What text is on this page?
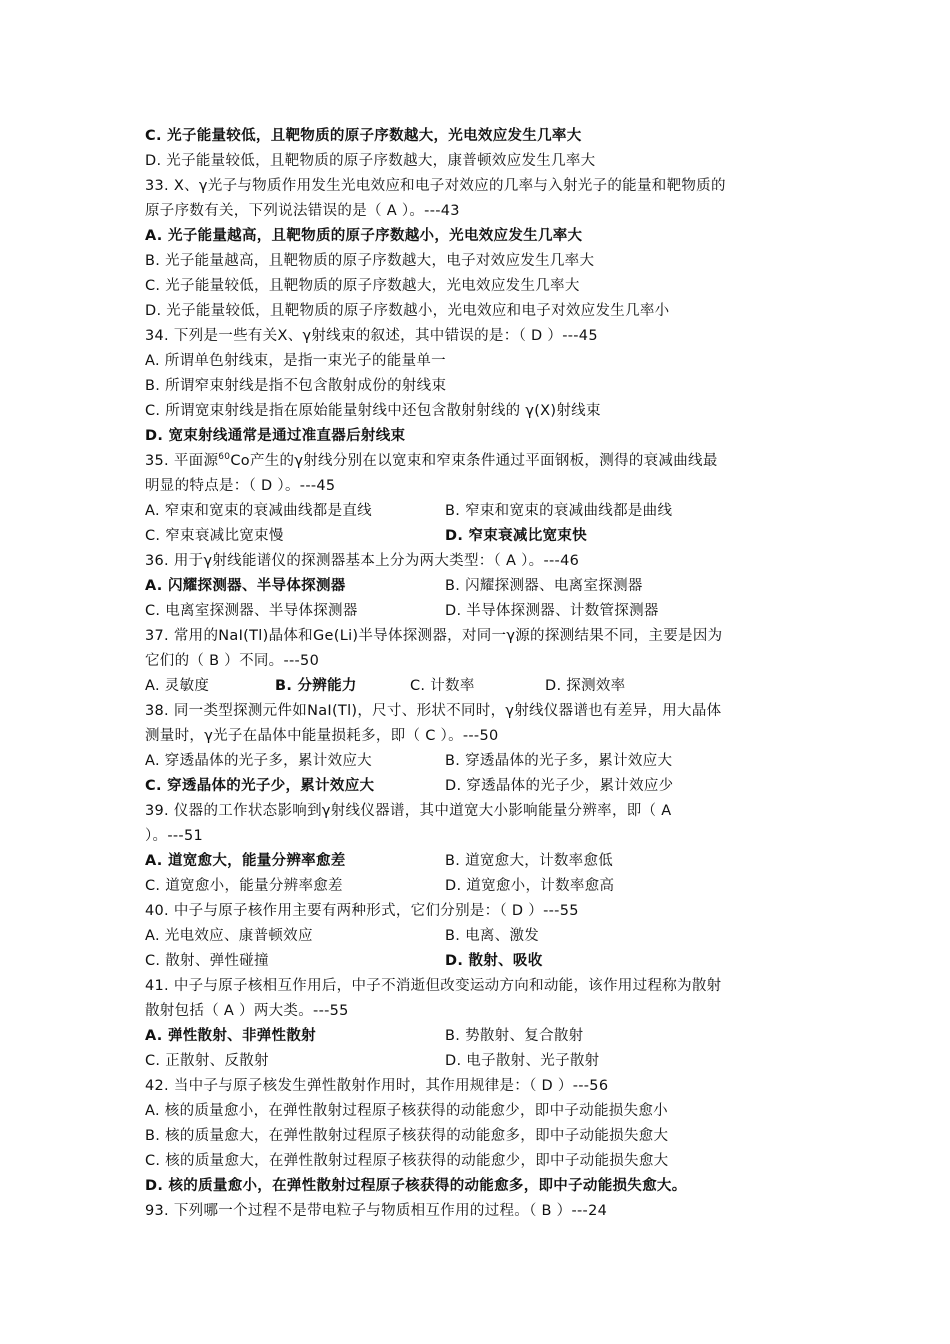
C. 光子能量较低，且靶物质的原子序数越大，光电效应发生几率大
D. 光子能量较低，且靶物质的原子序数越大，康普顿效应发生几率大
33. X、γ光子与物质作用发生光电效应和电子对效应的几率与入射光子的能量和靶物质的
原子序数有关，下列说法错误的是（ A ）。---43
A. 光子能量越高，且靶物质的原子序数越小，光电效应发生几率大
B. 光子能量越高，且靶物质的原子序数越大，电子对效应发生几率大
C. 光子能量较低，且靶物质的原子序数越大，光电效应发生几率大
D. 光子能量较低，且靶物质的原子序数越小，光电效应和电子对效应发生几率小
34. 下列是一些有关X、γ射线束的叙述，其中错误的是：（ D ）---45
A. 所谓单色射线束，是指一束光子的能量单一
B. 所谓窄束射线是指不包含散射成份的射线束
C. 所谓宽束射线是指在原始能量射线中还包含散射射线的 γ(X)射线束
D. 宽束射线通常是通过准直器后射线束
35. 平面源$^{60}$Co产生的γ射线分别在以宽束和窄束条件通过平面钢板，测得的衰减曲线最
明显的特点是：（ D ）。---45
A. 窄束和宽束的衰减曲线都是直线	B. 窄束和宽束的衰减曲线都是曲线
C. 窄束衰减比宽束慢	D. 窄束衰减比宽束快
36. 用于γ射线能谱仪的探测器基本上分为两大类型：（ A ）。---46
A. 闪耀探测器、半导体探测器	B. 闪耀探测器、电离室探测器
C. 电离室探测器、半导体探测器	D. 半导体探测器、计数管探测器
37. 常用的NaI(Tl)晶体和Ge(Li)半导体探测器，对同一γ源的探测结果不同，主要是因为
它们的（ B ）不同。---50
A. 灵敏度	B. 分辨能力	C. 计数率	D. 探测效率
38. 同一类型探测元件如NaI(Tl)，尺寸、形状不同时，γ射线仪器谱也有差异，用大晶体
测量时，γ光子在晶体中能量损耗多，即（ C ）。---50
A. 穿透晶体的光子多，累计效应大	B. 穿透晶体的光子多，累计效应大
C. 穿透晶体的光子少，累计效应大	D. 穿透晶体的光子少，累计效应少
39. 仪器的工作状态影响到γ射线仪器谱，其中道宽大小影响能量分辨率，即（ A
）。---51
A. 道宽愈大，能量分辨率愈差	B. 道宽愈大，计数率愈低
C. 道宽愈小，能量分辨率愈差	D. 道宽愈小，计数率愈高
40. 中子与原子核作用主要有两种形式，它们分别是：（ D ）---55
A. 光电效应、康普顿效应	B. 电离、激发
C. 散射、弹性碰撞	D. 散射、吸收
41. 中子与原子核相互作用后，中子不消逝但改变运动方向和动能，该作用过程称为散射
散射包括（ A ）两大类。---55
A. 弹性散射、非弹性散射	B. 势散射、复合散射
C. 正散射、反散射	D. 电子散射、光子散射
42. 当中子与原子核发生弹性散射作用时，其作用规律是：（ D ）---56
A. 核的质量愈小，在弹性散射过程原子核获得的动能愈少，即中子动能损失愈小
B. 核的质量愈大，在弹性散射过程原子核获得的动能愈多，即中子动能损失愈大
C. 核的质量愈大，在弹性散射过程原子核获得的动能愈少，即中子动能损失愈大
D. 核的质量愈小，在弹性散射过程原子核获得的动能愈多，即中子动能损失愈大。
93. 下列哪一个过程不是带电粒子与物质相互作用的过程。（ B ）---24
